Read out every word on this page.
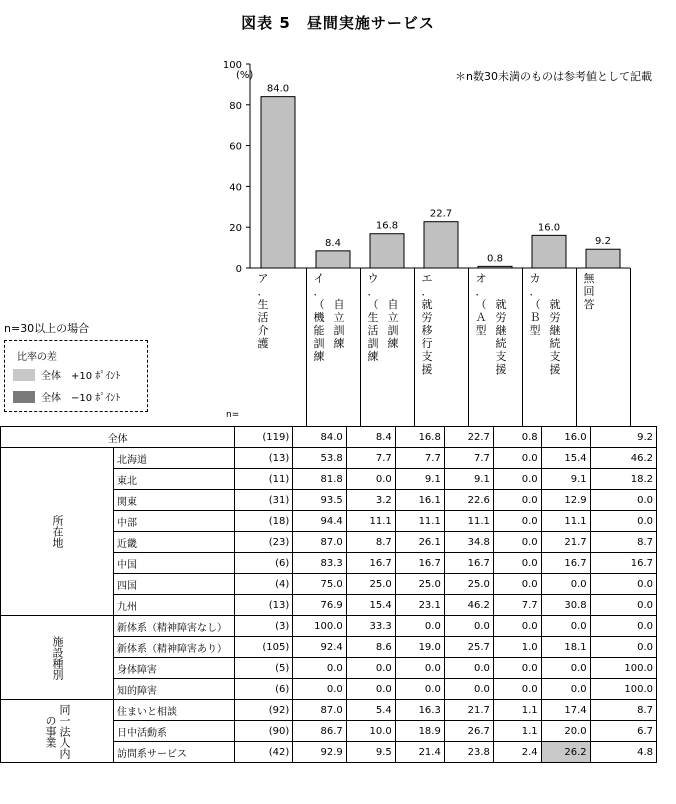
図表 5　昼間実施サービス
＊n数30未満のものは参考値として記載
0
20
40
60
80
100
(%)
84.0
8.4
16.8
22.7
0.8
16.0
9.2
n=30以上の場合
比率の差
全体　+10 ﾎﾟｲﾝﾄ
全体　−10 ﾎﾟｲﾝﾄ
n=
ア
．
生
活
介
護
イ
．
（
機
能
訓
練
自
立
訓
練
ウ
．
（
生
活
訓
練
自
立
訓
練
エ
．
就
労
移
行
支
援
オ
．
（
Ａ
型
就
労
継
続
支
援
カ
．
（
Ｂ
型
就
労
継
続
支
援
無
回
答
全体		(119)	84.0	8.4	16.8	22.7	0.8	16.0	9.2
所在地	北海道	(13)	53.8	7.7	7.7	7.7	0.0	15.4	46.2
	東北	(11)	81.8	0.0	9.1	9.1	0.0	9.1	18.2
	関東	(31)	93.5	3.2	16.1	22.6	0.0	12.9	0.0
	中部	(18)	94.4	11.1	11.1	11.1	0.0	11.1	0.0
	近畿	(23)	87.0	8.7	26.1	34.8	0.0	21.7	8.7
	中国	(6)	83.3	16.7	16.7	16.7	0.0	16.7	16.7
	四国	(4)	75.0	25.0	25.0	25.0	0.0	0.0	0.0
	九州	(13)	76.9	15.4	23.1	46.2	7.7	30.8	0.0
施設種別	新体系（精神障害なし）	(3)	100.0	33.3	0.0	0.0	0.0	0.0	0.0
	新体系（精神障害あり）	(105)	92.4	8.6	19.0	25.7	1.0	18.1	0.0
	身体障害	(5)	0.0	0.0	0.0	0.0	0.0	0.0	100.0
	知的障害	(6)	0.0	0.0	0.0	0.0	0.0	0.0	100.0
同一法人内の事業	住まいと相談	(92)	87.0	5.4	16.3	21.7	1.1	17.4	8.7
	日中活動系	(90)	86.7	10.0	18.9	26.7	1.1	20.0	6.7
	訪問系サービス	(42)	92.9	9.5	21.4	23.8	2.4	26.2	4.8
